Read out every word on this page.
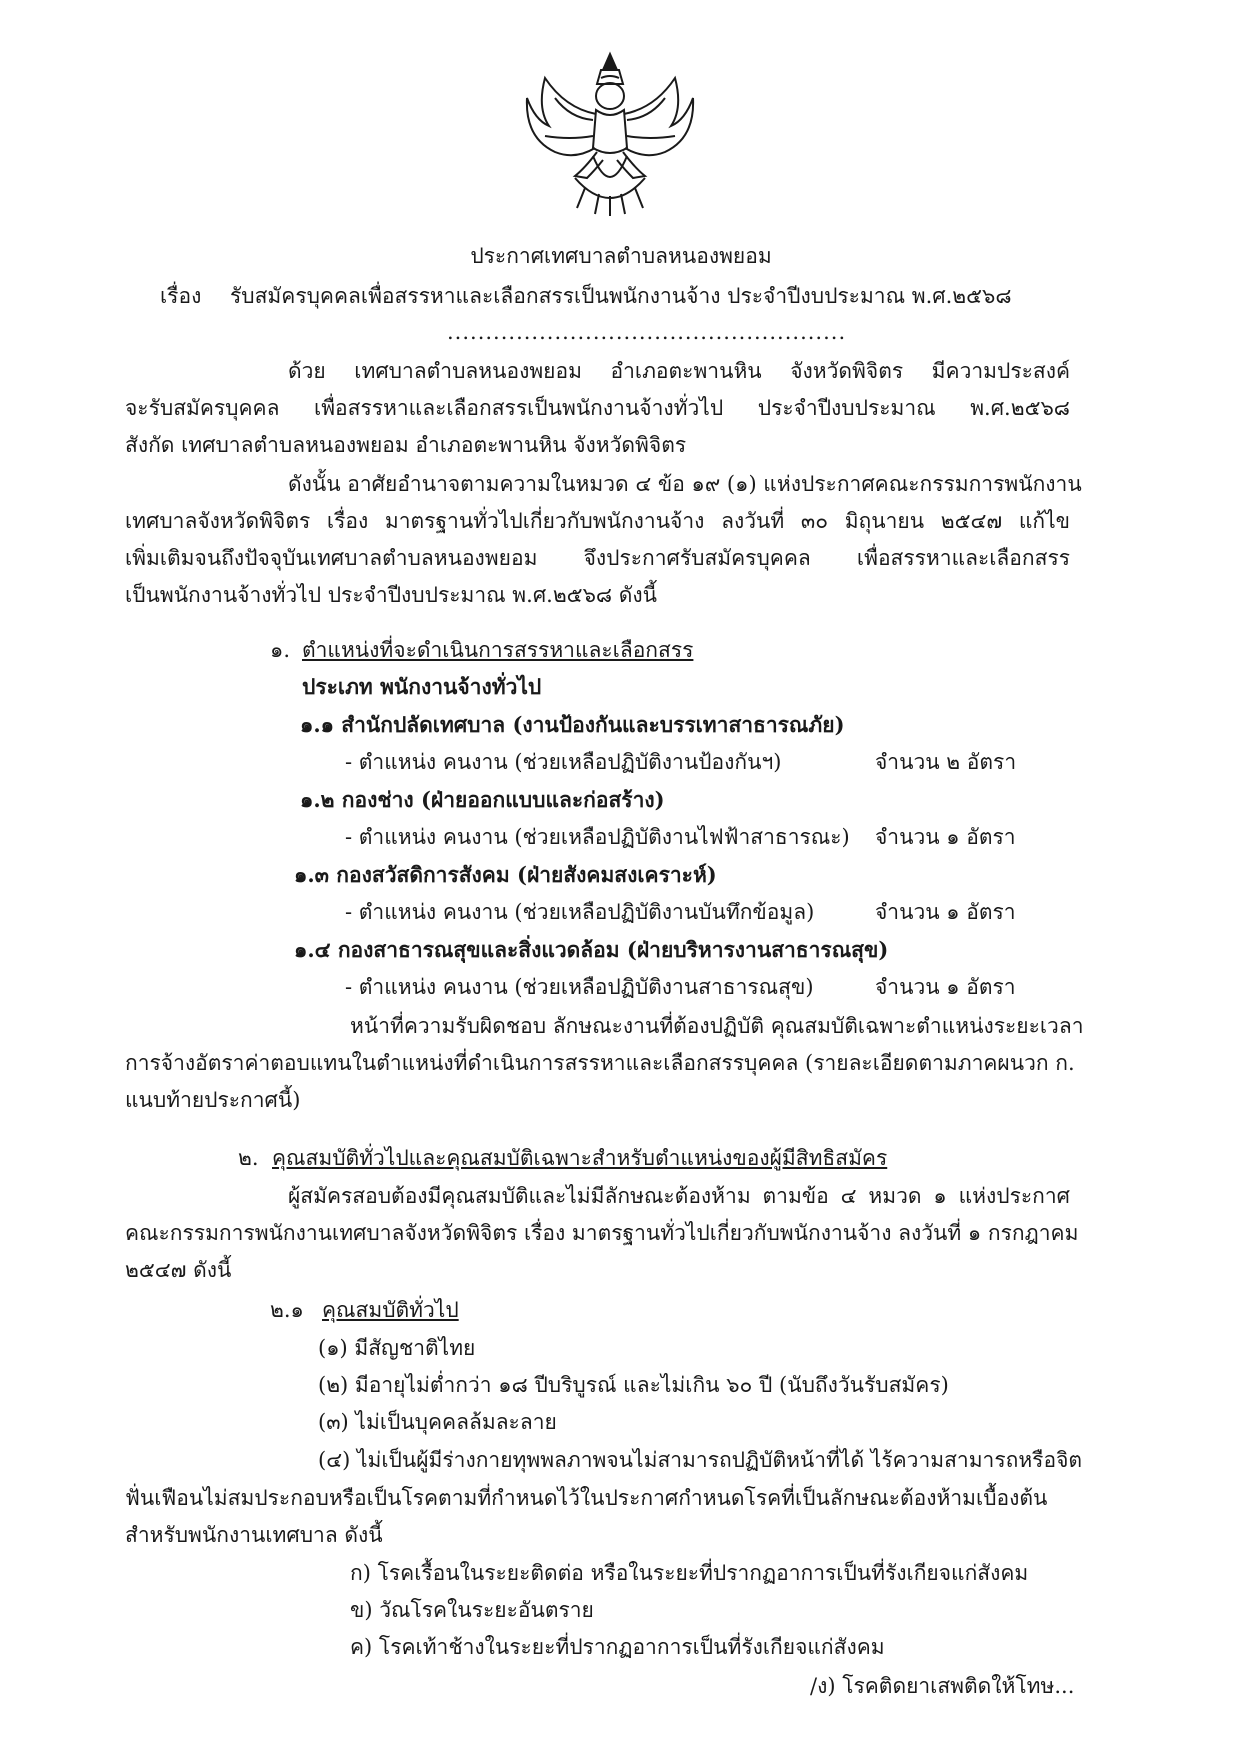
ประกาศเทศบาลตำบลหนองพยอม
เรื่อง รับสมัครบุคคลเพื่อสรรหาและเลือกสรรเป็นพนักงานจ้าง ประจำปีงบประมาณ พ.ศ.๒๕๖๘
....................................................
ด้วย เทศบาลตำบลหนองพยอม อำเภอตะพานหิน จังหวัดพิจิตร มีความประสงค์
จะรับสมัครบุคคล เพื่อสรรหาและเลือกสรรเป็นพนักงานจ้างทั่วไป ประจำปีงบประมาณ พ.ศ.๒๕๖๘
สังกัด เทศบาลตำบลหนองพยอม อำเภอตะพานหิน จังหวัดพิจิตร
ดังนั้น อาศัยอำนาจตามความในหมวด ๔ ข้อ ๑๙ (๑) แห่งประกาศคณะกรรมการพนักงาน
เทศบาลจังหวัดพิจิตร เรื่อง มาตรฐานทั่วไปเกี่ยวกับพนักงานจ้าง ลงวันที่ ๓๐ มิถุนายน ๒๕๔๗ แก้ไข
เพิ่มเติมจนถึงปัจจุบันเทศบาลตำบลหนองพยอม จึงประกาศรับสมัครบุคคล เพื่อสรรหาและเลือกสรร
เป็นพนักงานจ้างทั่วไป ประจำปีงบประมาณ พ.ศ.๒๕๖๘ ดังนี้
๑. ตำแหน่งที่จะดำเนินการสรรหาและเลือกสรร
ประเภท พนักงานจ้างทั่วไป
๑.๑ สำนักปลัดเทศบาล (งานป้องกันและบรรเทาสาธารณภัย)
- ตำแหน่ง คนงาน (ช่วยเหลือปฏิบัติงานป้องกันฯ)	จำนวน ๒ อัตรา
๑.๒ กองช่าง (ฝ่ายออกแบบและก่อสร้าง)
- ตำแหน่ง คนงาน (ช่วยเหลือปฏิบัติงานไฟฟ้าสาธารณะ) จำนวน ๑ อัตรา
๑.๓ กองสวัสดิการสังคม (ฝ่ายสังคมสงเคราะห์)
- ตำแหน่ง คนงาน (ช่วยเหลือปฏิบัติงานบันทึกข้อมูล)	จำนวน ๑ อัตรา
๑.๔ กองสาธารณสุขและสิ่งแวดล้อม (ฝ่ายบริหารงานสาธารณสุข)
- ตำแหน่ง คนงาน (ช่วยเหลือปฏิบัติงานสาธารณสุข)	จำนวน ๑ อัตรา
หน้าที่ความรับผิดชอบ ลักษณะงานที่ต้องปฏิบัติ คุณสมบัติเฉพาะตำแหน่งระยะเวลา
การจ้างอัตราค่าตอบแทนในตำแหน่งที่ดำเนินการสรรหาและเลือกสรรบุคคล (รายละเอียดตามภาคผนวก ก.
แนบท้ายประกาศนี้)
๒. คุณสมบัติทั่วไปและคุณสมบัติเฉพาะสำหรับตำแหน่งของผู้มีสิทธิสมัคร
ผู้สมัครสอบต้องมีคุณสมบัติและไม่มีลักษณะต้องห้าม ตามข้อ ๔ หมวด ๑ แห่งประกาศ
คณะกรรมการพนักงานเทศบาลจังหวัดพิจิตร เรื่อง มาตรฐานทั่วไปเกี่ยวกับพนักงานจ้าง ลงวันที่ ๑ กรกฎาคม
๒๕๔๗ ดังนี้
๒.๑ คุณสมบัติทั่วไป
(๑) มีสัญชาติไทย
(๒) มีอายุไม่ต่ำกว่า ๑๘ ปีบริบูรณ์ และไม่เกิน ๖๐ ปี (นับถึงวันรับสมัคร)
(๓) ไม่เป็นบุคคลล้มละลาย
(๔) ไม่เป็นผู้มีร่างกายทุพพลภาพจนไม่สามารถปฏิบัติหน้าที่ได้ ไร้ความสามารถหรือจิต
ฟั่นเฟือนไม่สมประกอบหรือเป็นโรคตามที่กำหนดไว้ในประกาศกำหนดโรคที่เป็นลักษณะต้องห้ามเบื้องต้น
สำหรับพนักงานเทศบาล ดังนี้
ก) โรคเรื้อนในระยะติดต่อ หรือในระยะที่ปรากฏอาการเป็นที่รังเกียจแก่สังคม
ข) วัณโรคในระยะอันตราย
ค) โรคเท้าช้างในระยะที่ปรากฏอาการเป็นที่รังเกียจแก่สังคม
/ง) โรคติดยาเสพติดให้โทษ...
